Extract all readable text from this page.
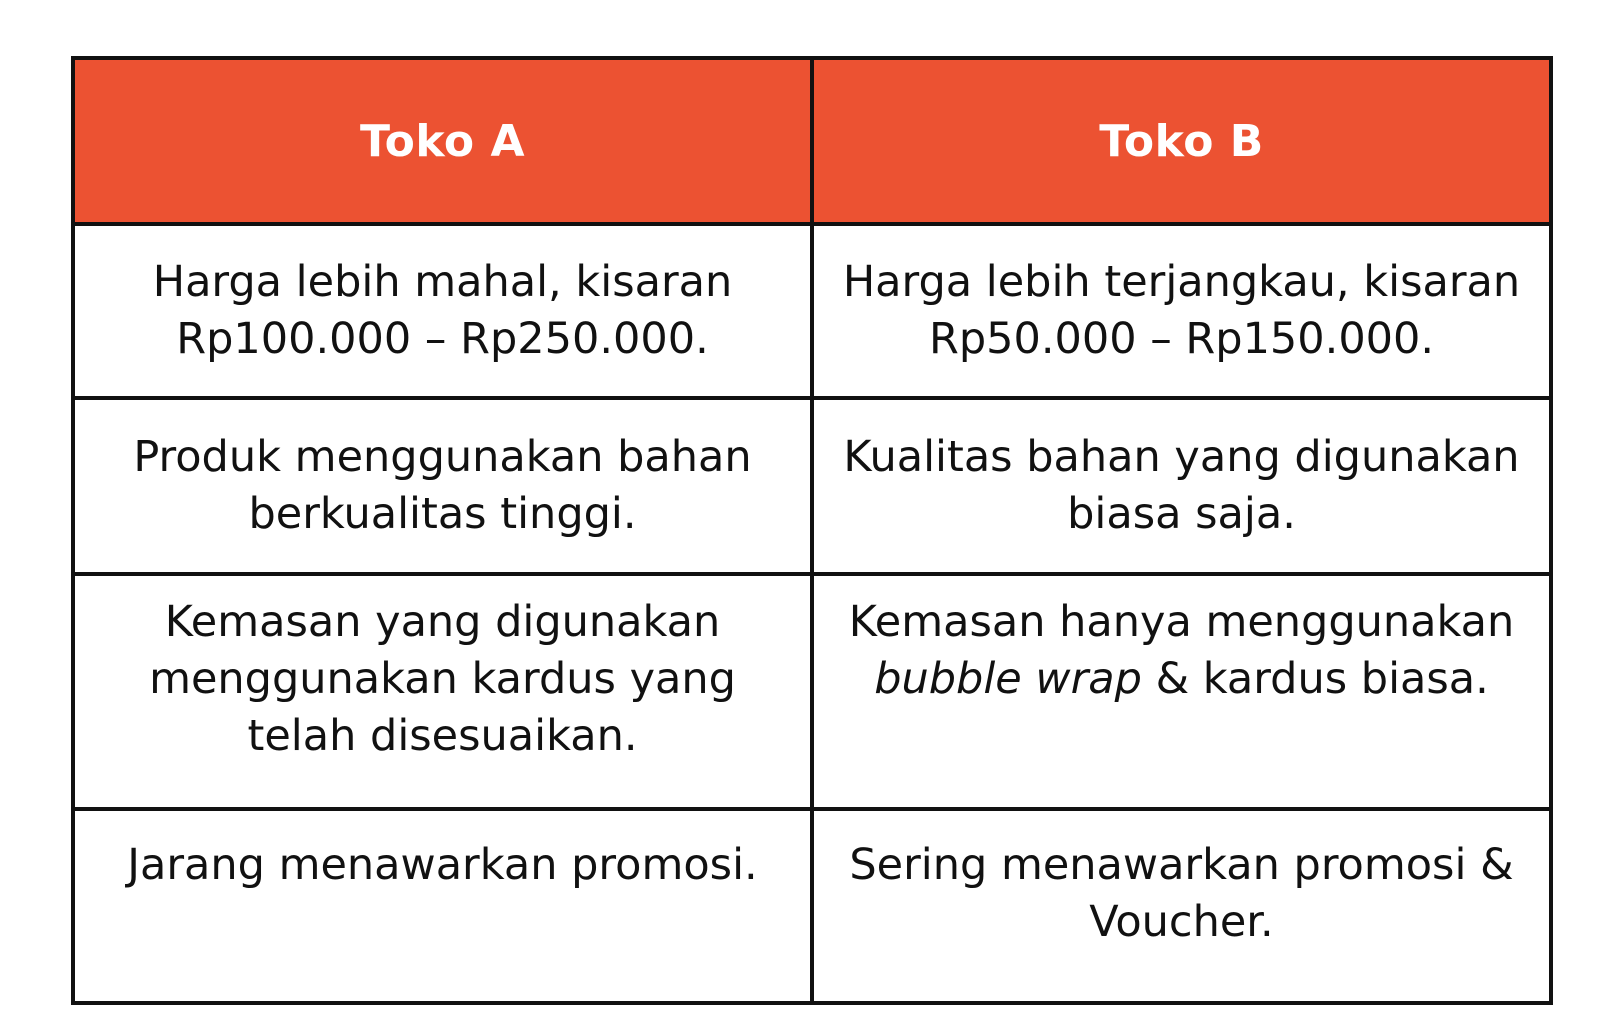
Toko A	Toko B
Harga lebih mahal, kisaran Rp100.000 – Rp250.000.	Harga lebih terjangkau, kisaran Rp50.000 – Rp150.000.
Produk menggunakan bahan berkualitas tinggi.	Kualitas bahan yang digunakan biasa saja.
Kemasan yang digunakan menggunakan kardus yang telah disesuaikan.	Kemasan hanya menggunakan bubble wrap & kardus biasa.
Jarang menawarkan promosi.	Sering menawarkan promosi & Voucher.
